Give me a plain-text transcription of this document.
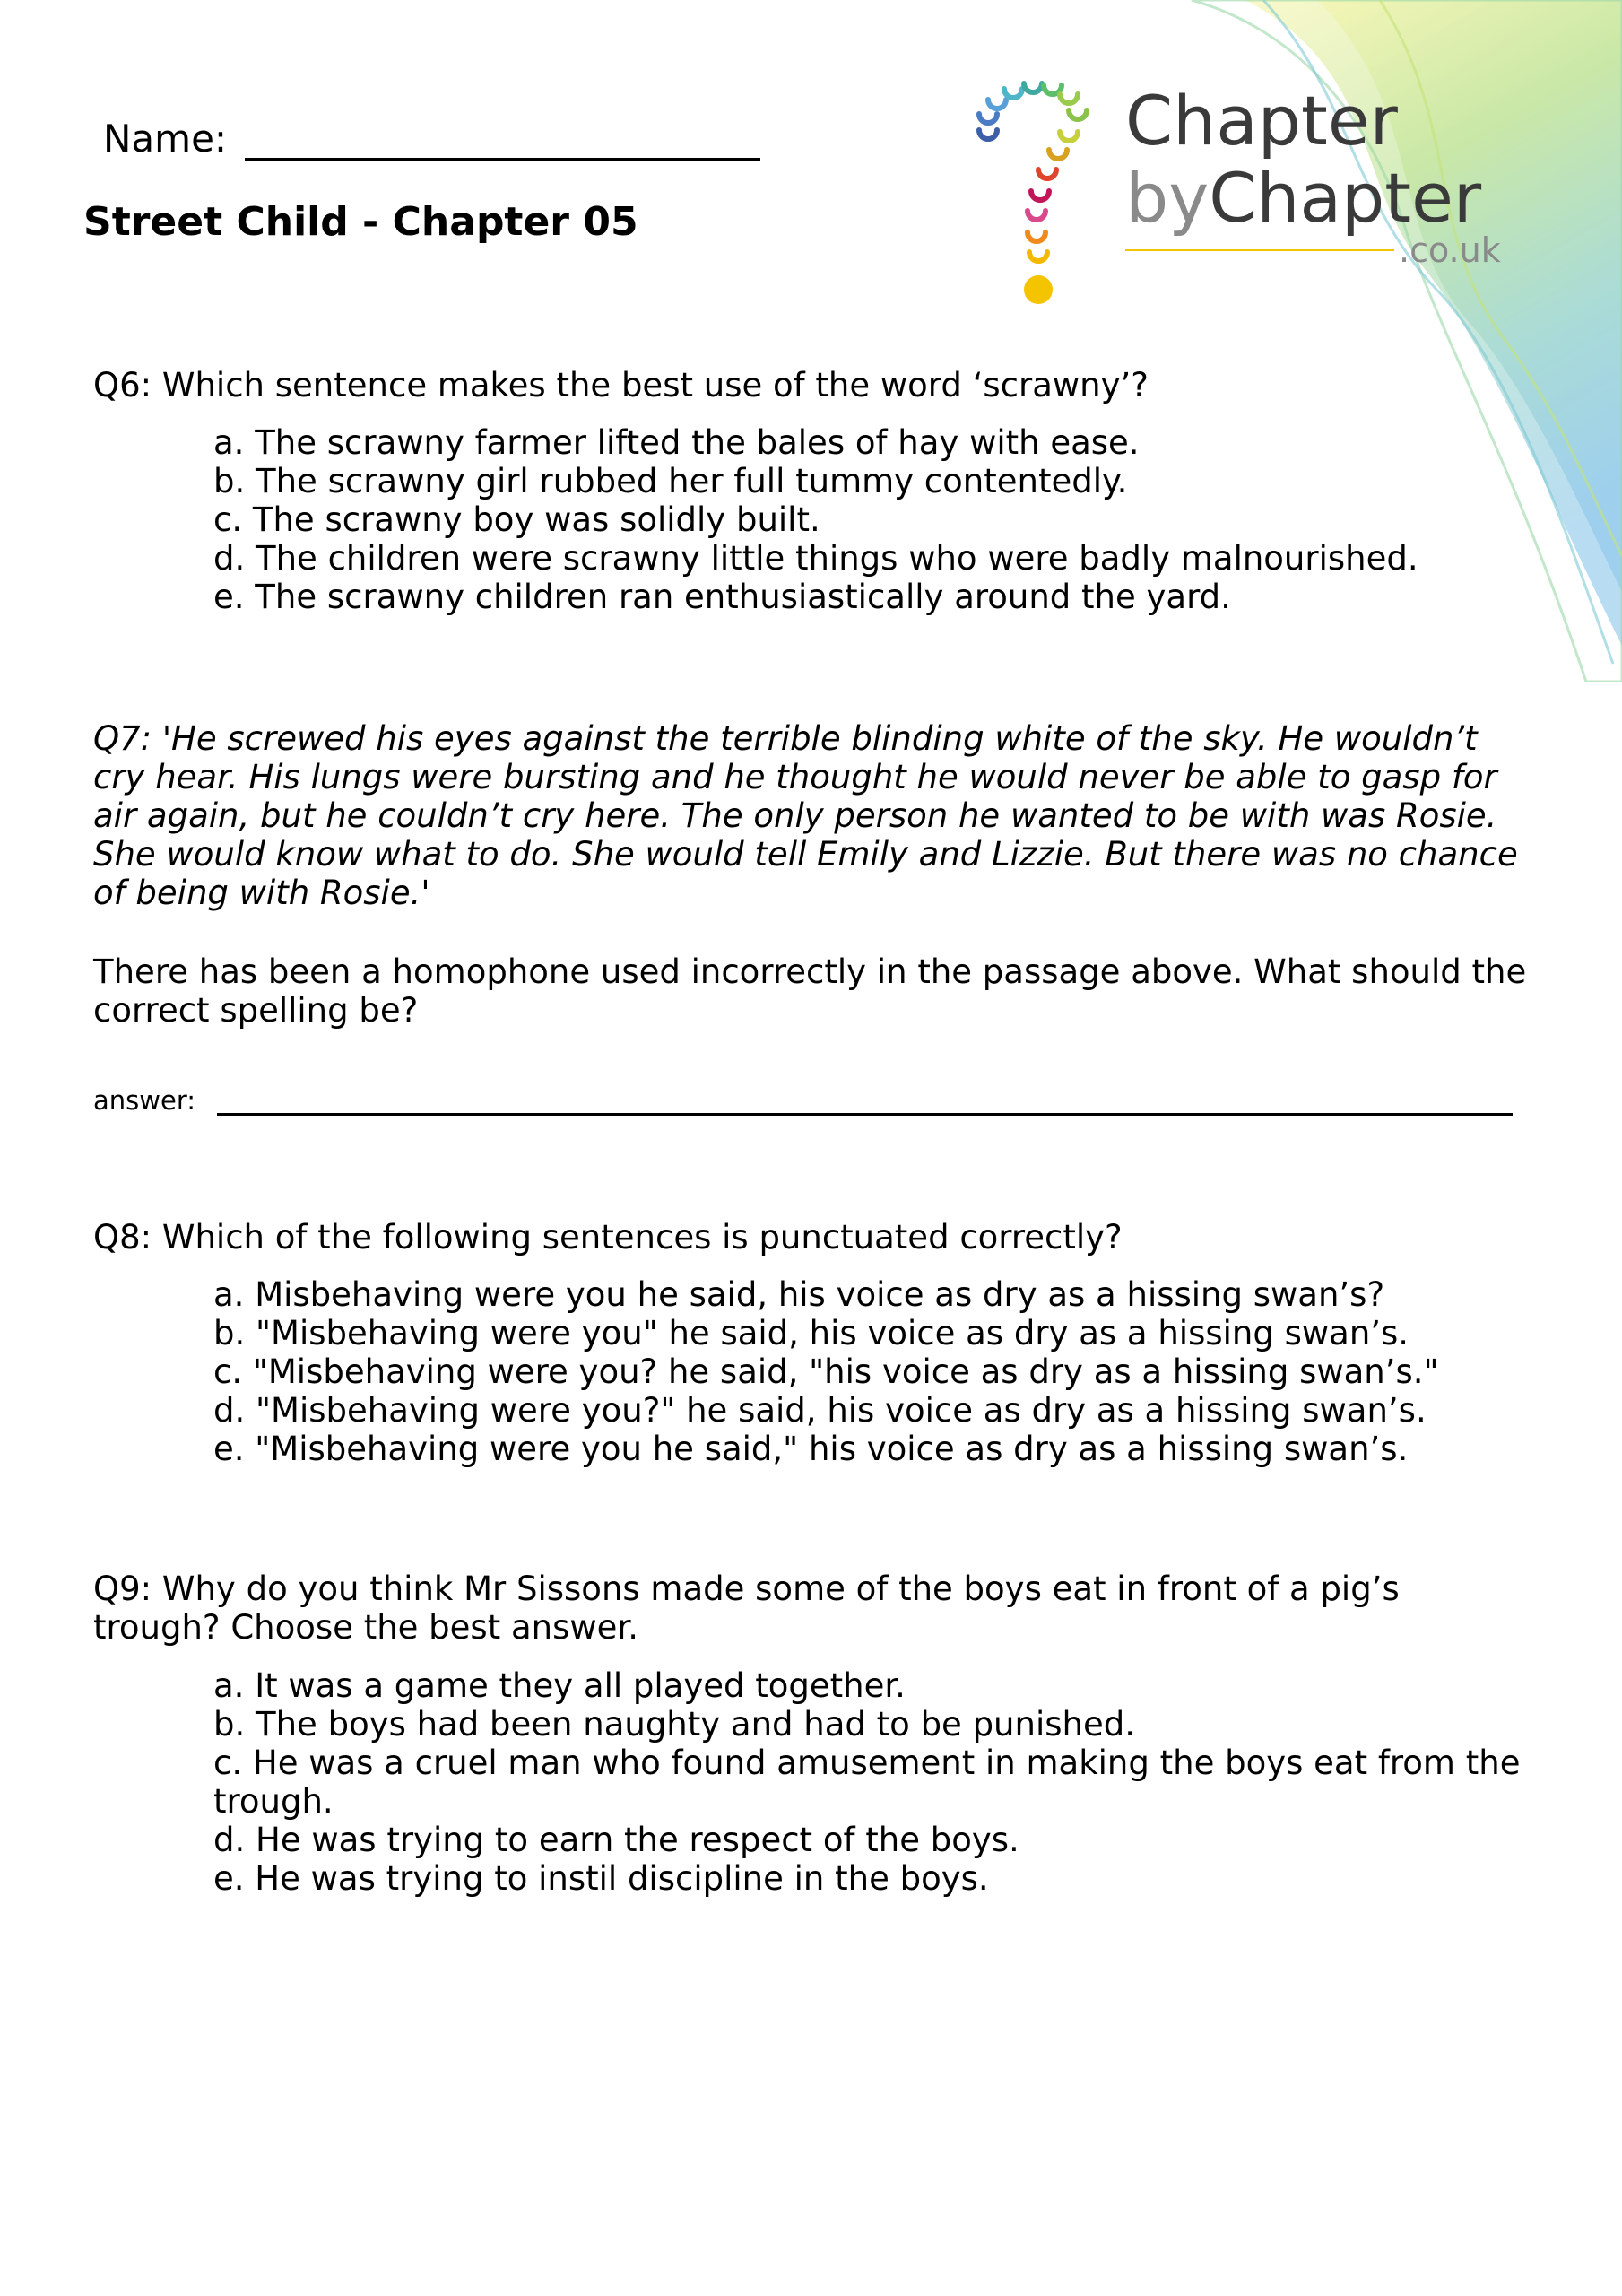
Chapter
byChapter
.co.uk
Name:
Street Child - Chapter 05

Q6: Which sentence makes the best use of the word ‘scrawny’?

a. The scrawny farmer lifted the bales of hay with ease.
b. The scrawny girl rubbed her full tummy contentedly.
c. The scrawny boy was solidly built.
d. The children were scrawny little things who were badly malnourished.
e. The scrawny children ran enthusiastically around the yard.

Q7: 'He screwed his eyes against the terrible blinding white of the sky. He wouldn’t cry hear. His lungs were bursting and he thought he would never be able to gasp for air again, but he couldn’t cry here. The only person he wanted to be with was Rosie. She would know what to do. She would tell Emily and Lizzie. But there was no chance of being with Rosie.'

There has been a homophone used incorrectly in the passage above. What should the correct spelling be?

answer:

Q8: Which of the following sentences is punctuated correctly?

a. Misbehaving were you he said, his voice as dry as a hissing swan’s?
b. "Misbehaving were you" he said, his voice as dry as a hissing swan’s.
c. "Misbehaving were you? he said, "his voice as dry as a hissing swan’s."
d. "Misbehaving were you?" he said, his voice as dry as a hissing swan’s.
e. "Misbehaving were you he said," his voice as dry as a hissing swan’s.

Q9: Why do you think Mr Sissons made some of the boys eat in front of a pig’s trough? Choose the best answer.

a. It was a game they all played together.
b. The boys had been naughty and had to be punished.
c. He was a cruel man who found amusement in making the boys eat from the trough.
d. He was trying to earn the respect of the boys.
e. He was trying to instil discipline in the boys.
